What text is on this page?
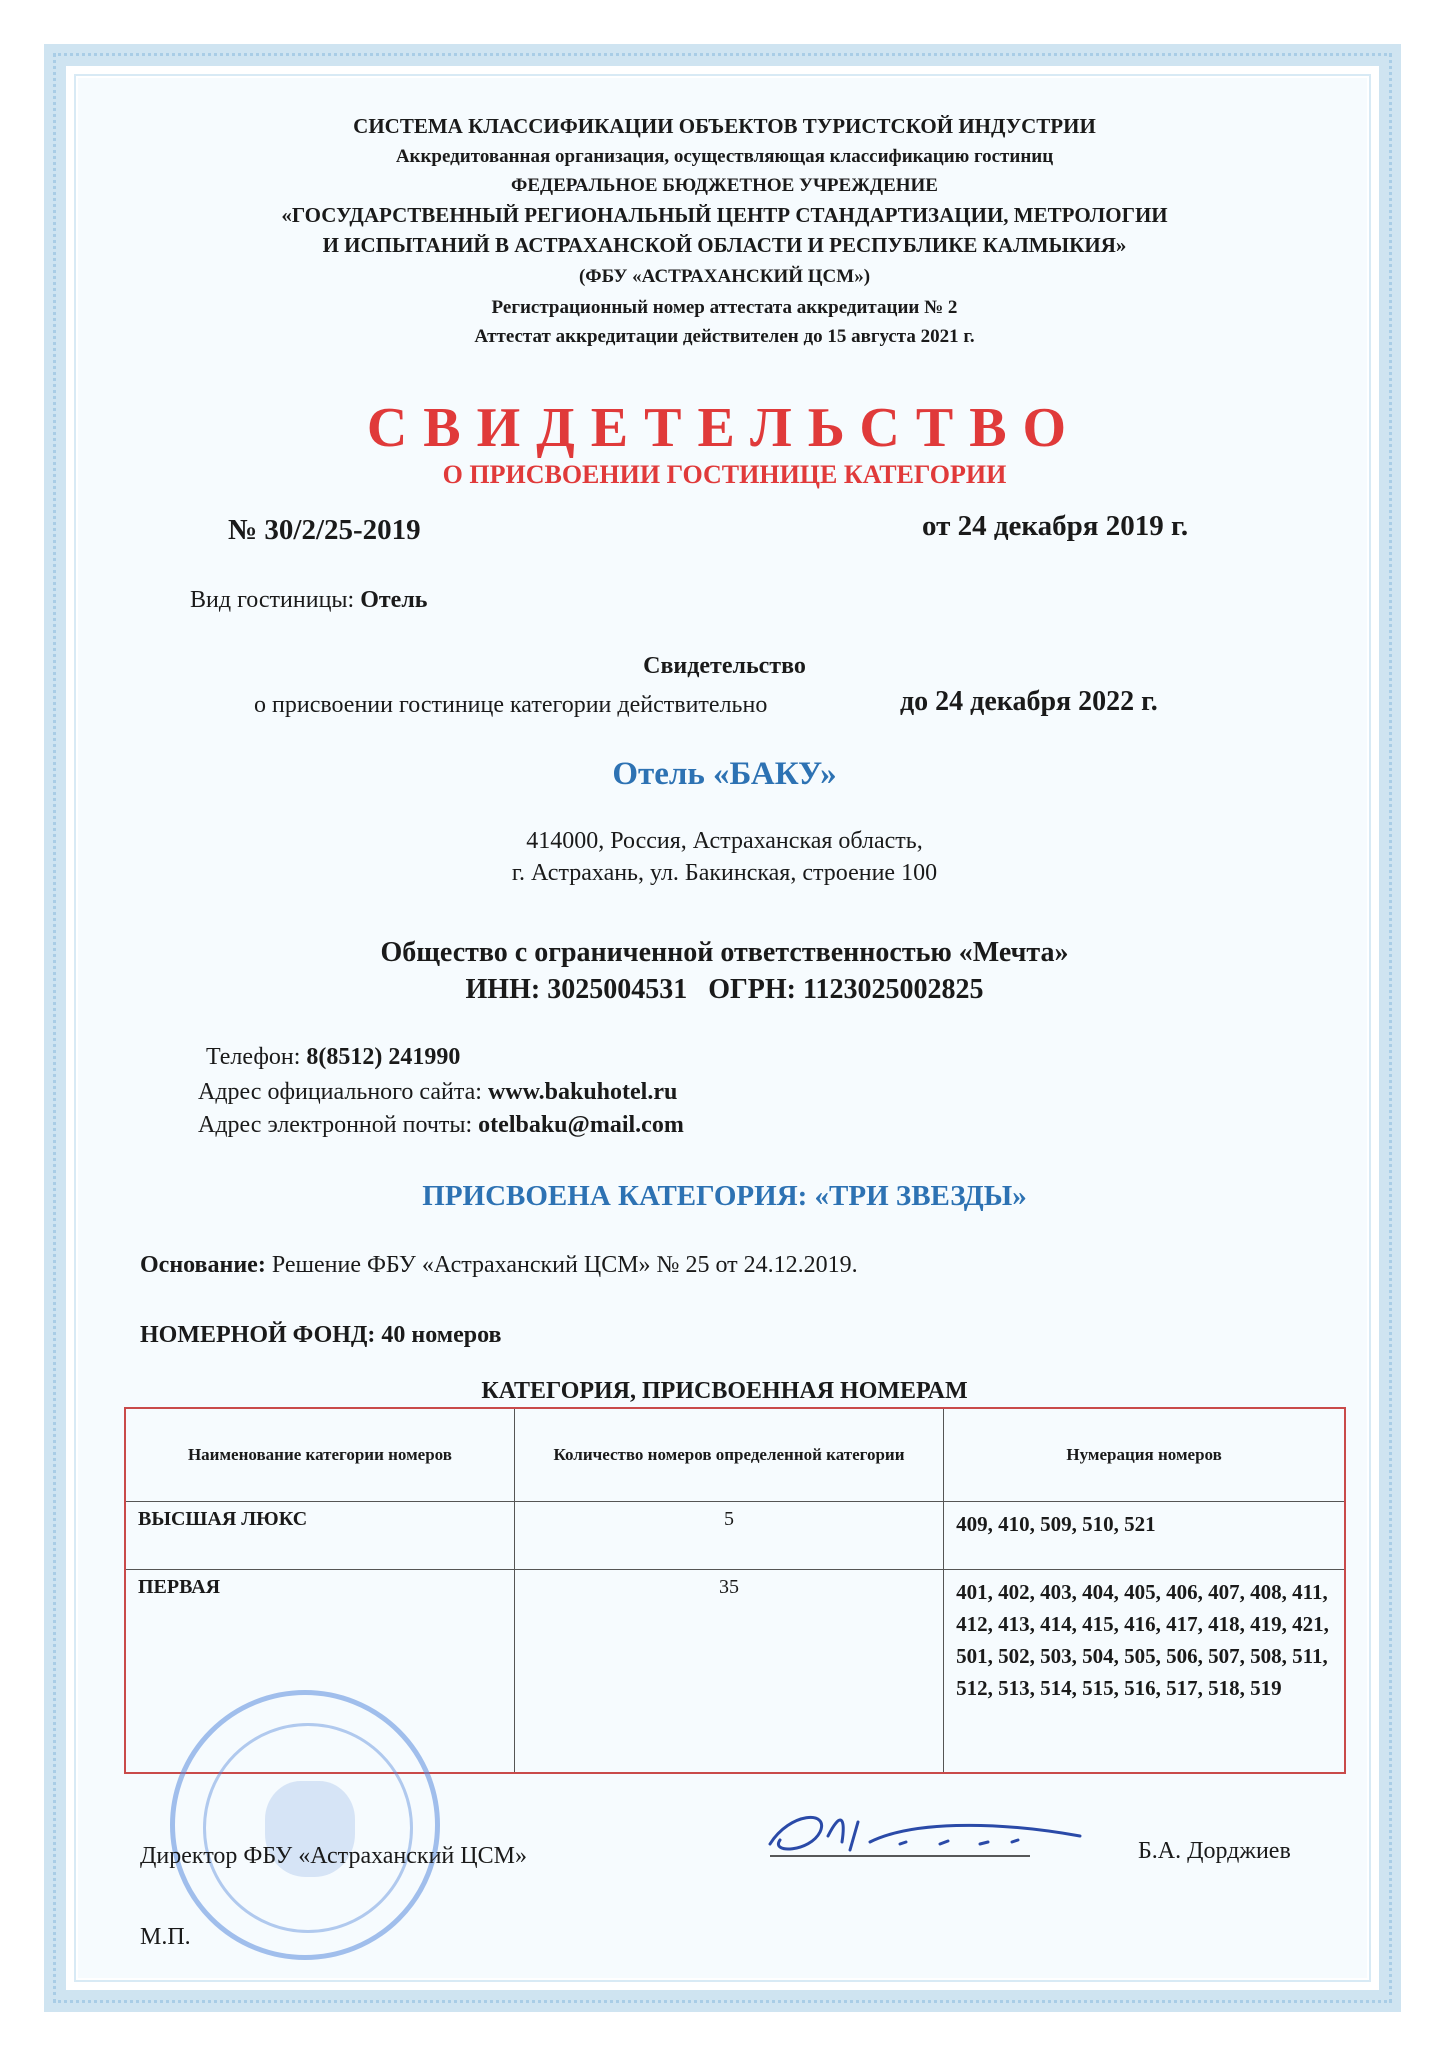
СИСТЕМА КЛАССИФИКАЦИИ ОБЪЕКТОВ ТУРИСТСКОЙ ИНДУСТРИИ
Аккредитованная организация, осуществляющая классификацию гостиниц
ФЕДЕРАЛЬНОЕ БЮДЖЕТНОЕ УЧРЕЖДЕНИЕ
«ГОСУДАРСТВЕННЫЙ РЕГИОНАЛЬНЫЙ ЦЕНТР СТАНДАРТИЗАЦИИ, МЕТРОЛОГИИ
И ИСПЫТАНИЙ В АСТРАХАНСКОЙ ОБЛАСТИ И РЕСПУБЛИКЕ КАЛМЫКИЯ»
(ФБУ «АСТРАХАНСКИЙ ЦСМ»)
Регистрационный номер аттестата аккредитации № 2
Аттестат аккредитации действителен до 15 августа 2021 г.
СВИДЕТЕЛЬСТВО
О ПРИСВОЕНИИ ГОСТИНИЦЕ КАТЕГОРИИ
№ 30/2/25-2019	от 24 декабря 2019 г.
Вид гостиницы: Отель
Свидетельство
о присвоении гостинице категории действительно	до 24 декабря 2022 г.
Отель «БАКУ»
414000, Россия, Астраханская область,
г. Астрахань, ул. Бакинская, строение 100
Общество с ограниченной ответственностью «Мечта»
ИНН: 3025004531   ОГРН: 1123025002825
Телефон: 8(8512) 241990
Адрес официального сайта: www.bakuhotel.ru
Адрес электронной почты: otelbaku@mail.com
ПРИСВОЕНА КАТЕГОРИЯ: «ТРИ ЗВЕЗДЫ»
Основание: Решение ФБУ «Астраханский ЦСМ» № 25 от 24.12.2019.
НОМЕРНОЙ ФОНД: 40 номеров
КАТЕГОРИЯ, ПРИСВОЕННАЯ НОМЕРАМ
Наименование категории номеров	Количество номеров определенной категории	Нумерация номеров
ВЫСШАЯ ЛЮКС	5	409, 410, 509, 510, 521
ПЕРВАЯ	35	401, 402, 403, 404, 405, 406, 407, 408, 411, 412, 413, 414, 415, 416, 417, 418, 419, 421, 501, 502, 503, 504, 505, 506, 507, 508, 511, 512, 513, 514, 515, 516, 517, 518, 519
Директор ФБУ «Астраханский ЦСМ»	Б.А. Дорджиев
М.П.
